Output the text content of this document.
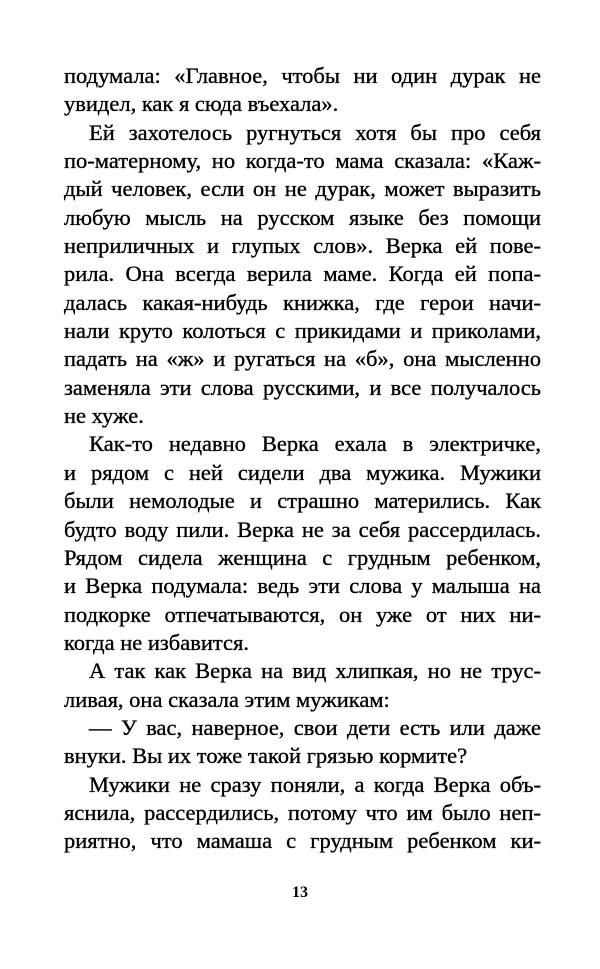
подумала: «Главное, чтобы ни один дурак не
увидел, как я сюда въехала».
Ей захотелось ругнуться хотя бы про себя
по-матерному, но когда-то мама сказала: «Каж-
дый человек, если он не дурак, может выразить
любую мысль на русском языке без помощи
неприличных и глупых слов». Верка ей пове-
рила. Она всегда верила маме. Когда ей попа-
далась какая-нибудь книжка, где герои начи-
нали круто колоться с прикидами и приколами,
падать на «ж» и ругаться на «б», она мысленно
заменяла эти слова русскими, и все получалось
не хуже.
Как-то недавно Верка ехала в электричке,
и рядом с ней сидели два мужика. Мужики
были немолодые и страшно матерились. Как
будто воду пили. Верка не за себя рассердилась.
Рядом сидела женщина с грудным ребенком,
и Верка подумала: ведь эти слова у малыша на
подкорке отпечатываются, он уже от них ни-
когда не избавится.
А так как Верка на вид хлипкая, но не трус-
ливая, она сказала этим мужикам:
— У вас, наверное, свои дети есть или даже
внуки. Вы их тоже такой грязью кормите?
Мужики не сразу поняли, а когда Верка объ-
яснила, рассердились, потому что им было неп-
риятно, что мамаша с грудным ребенком ки-
13
